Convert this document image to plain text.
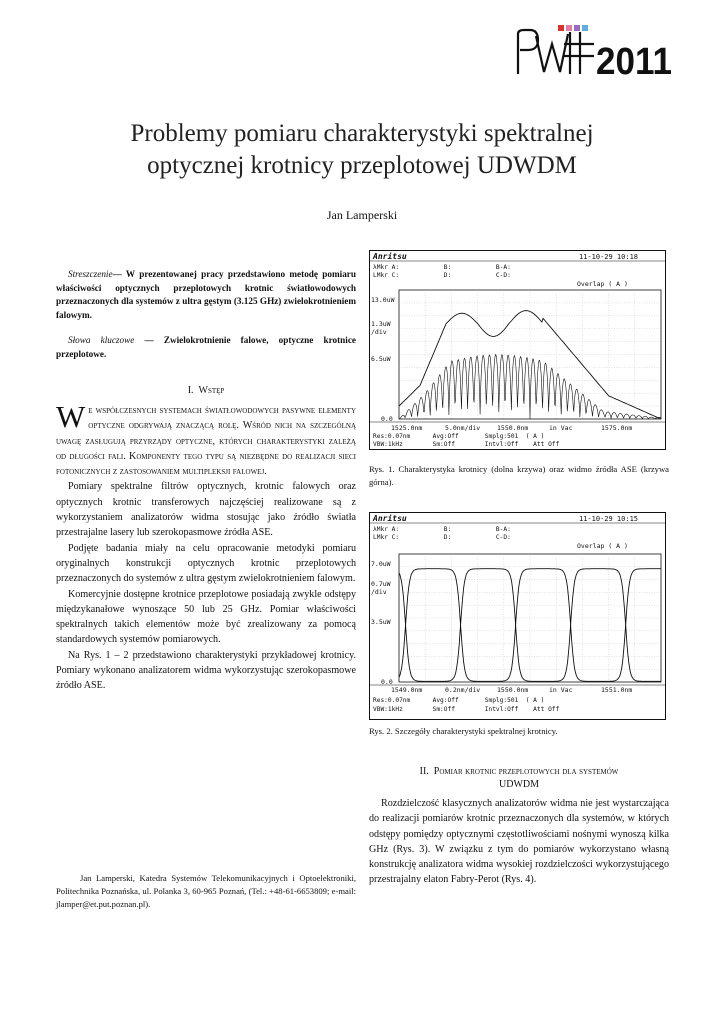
2011
Problemy pomiaru charakterystyki spektralnej
optycznej krotnicy przeplotowej UDWDM
Jan Lamperski
Streszczenie— W prezentowanej pracy przedstawiono metodę pomiaru właściwości optycznych przeplotowych krotnic światłowodowych przeznaczonych dla systemów z ultra gęstym (3.125 GHz) zwielokrotnieniem falowym.
Słowa kluczowe — Zwielokrotnienie falowe, optyczne krotnice przeplotowe.
I. Wstęp

We współczesnych systemach światłowodowych pasywne elementy optyczne odgrywają znaczącą rolę. Wśród nich na szczególną uwagę zasługują przyrządy optyczne, których charakterystyki zależą od długości fali. Komponenty tego typu są niezbędne do realizacji sieci fotonicznych z zastosowaniem multipleksji falowej.

Pomiary spektralne filtrów optycznych, krotnic falowych oraz optycznych krotnic transferowych najczęściej realizowane są z wykorzystaniem analizatorów widma stosując jako źródło światła przestrajalne lasery lub szerokopasmowe źródła ASE.

Podjęte badania miały na celu opracowanie metodyki pomiaru oryginalnych konstrukcji optycznych krotnic przeplotowych przeznaczonych do systemów z ultra gęstym zwielokrotnieniem falowym.

Komercyjnie dostępne krotnice przeplotowe posiadają zwykle odstępy międzykanałowe wynoszące 50 lub 25 GHz. Pomiar właściwości spektralnych takich elementów może być zrealizowany za pomocą standardowych systemów pomiarowych.

Na Rys. 1 – 2 przedstawiono charakterystyki przykładowej krotnicy. Pomiary wykonano analizatorem widma wykorzystując szerokopasmowe źródło ASE.

Jan Lamperski, Katedra Systemów Telekomunikacyjnych i Optoelektroniki, Politechnika Poznańska, ul. Polanka 3, 60-965 Poznań, (Tel.: +48-61-6653809; e-mail: jlamper@et.put.poznan.pl).

Anritsu	11-10-29 10:18
λMkr A:            B:            B-A:
LMkr C:            D:            C-D:
Overlap ( A )
13.0uW
1.3uW
/div
6.5uW
0.0
1525.0nm	5.0nm/div	1550.0nm	in Vac	1575.0nm
Res:0.07nm      Avg:Off       Smplg:501  ( A )
VBW:1kHz        Sm:Off        Intvl:Off    Att Off
Rys. 1. Charakterystyka krotnicy (dolna krzywa) oraz widmo źródła ASE (krzywa górna).
Anritsu	11-10-29 10:15
λMkr A:            B:            B-A:
LMkr C:            D:            C-D:
Overlap ( A )
7.0uW
0.7uW
/div
3.5uW
0.0
1549.0nm	0.2nm/div	1550.0nm	in Vac	1551.0nm
Res:0.07nm      Avg:Off       Smplg:501  ( A )
VBW:1kHz        Sm:Off        Intvl:Off    Att Off
Rys. 2. Szczegóły charakterystyki spektralnej krotnicy.
II. Pomiar krotnic przeplotowych dla systemów
UDWDM

Rozdzielczość klasycznych analizatorów widma nie jest wystarczająca do realizacji pomiarów krotnic przeznaczonych dla systemów, w których odstępy pomiędzy optycznymi częstotliwościami nośnymi wynoszą kilka GHz (Rys. 3). W związku z tym do pomiarów wykorzystano własną konstrukcję analizatora widma wysokiej rozdzielczości wykorzystującego przestrajalny elaton Fabry-Perot (Rys. 4).
